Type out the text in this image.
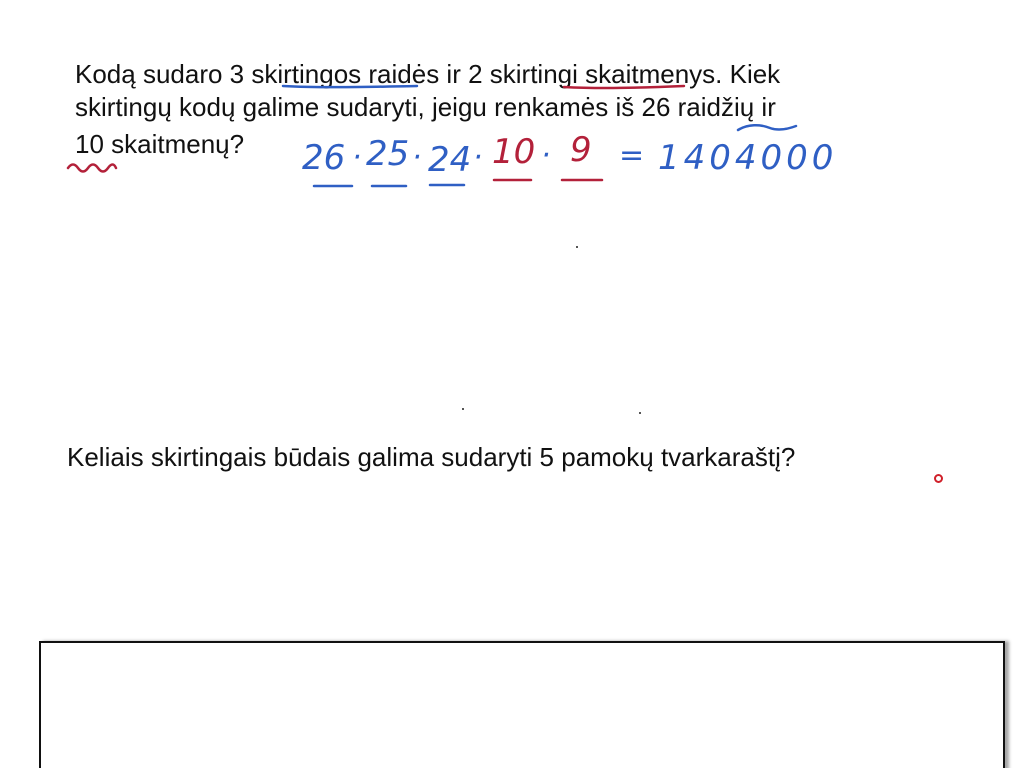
Kodą sudaro 3 skirtingos raidės ir 2 skirtingi skaitmenys. Kiek

skirtingų kodų galime sudaryti, jeigu renkamės iš 26 raidžių ir

10 skaitmenų? 26 · 25 · 24 · 10 · 9 = 1404000

Keliais skirtingais būdais galima sudaryti 5 pamokų tvarkaraštį?
